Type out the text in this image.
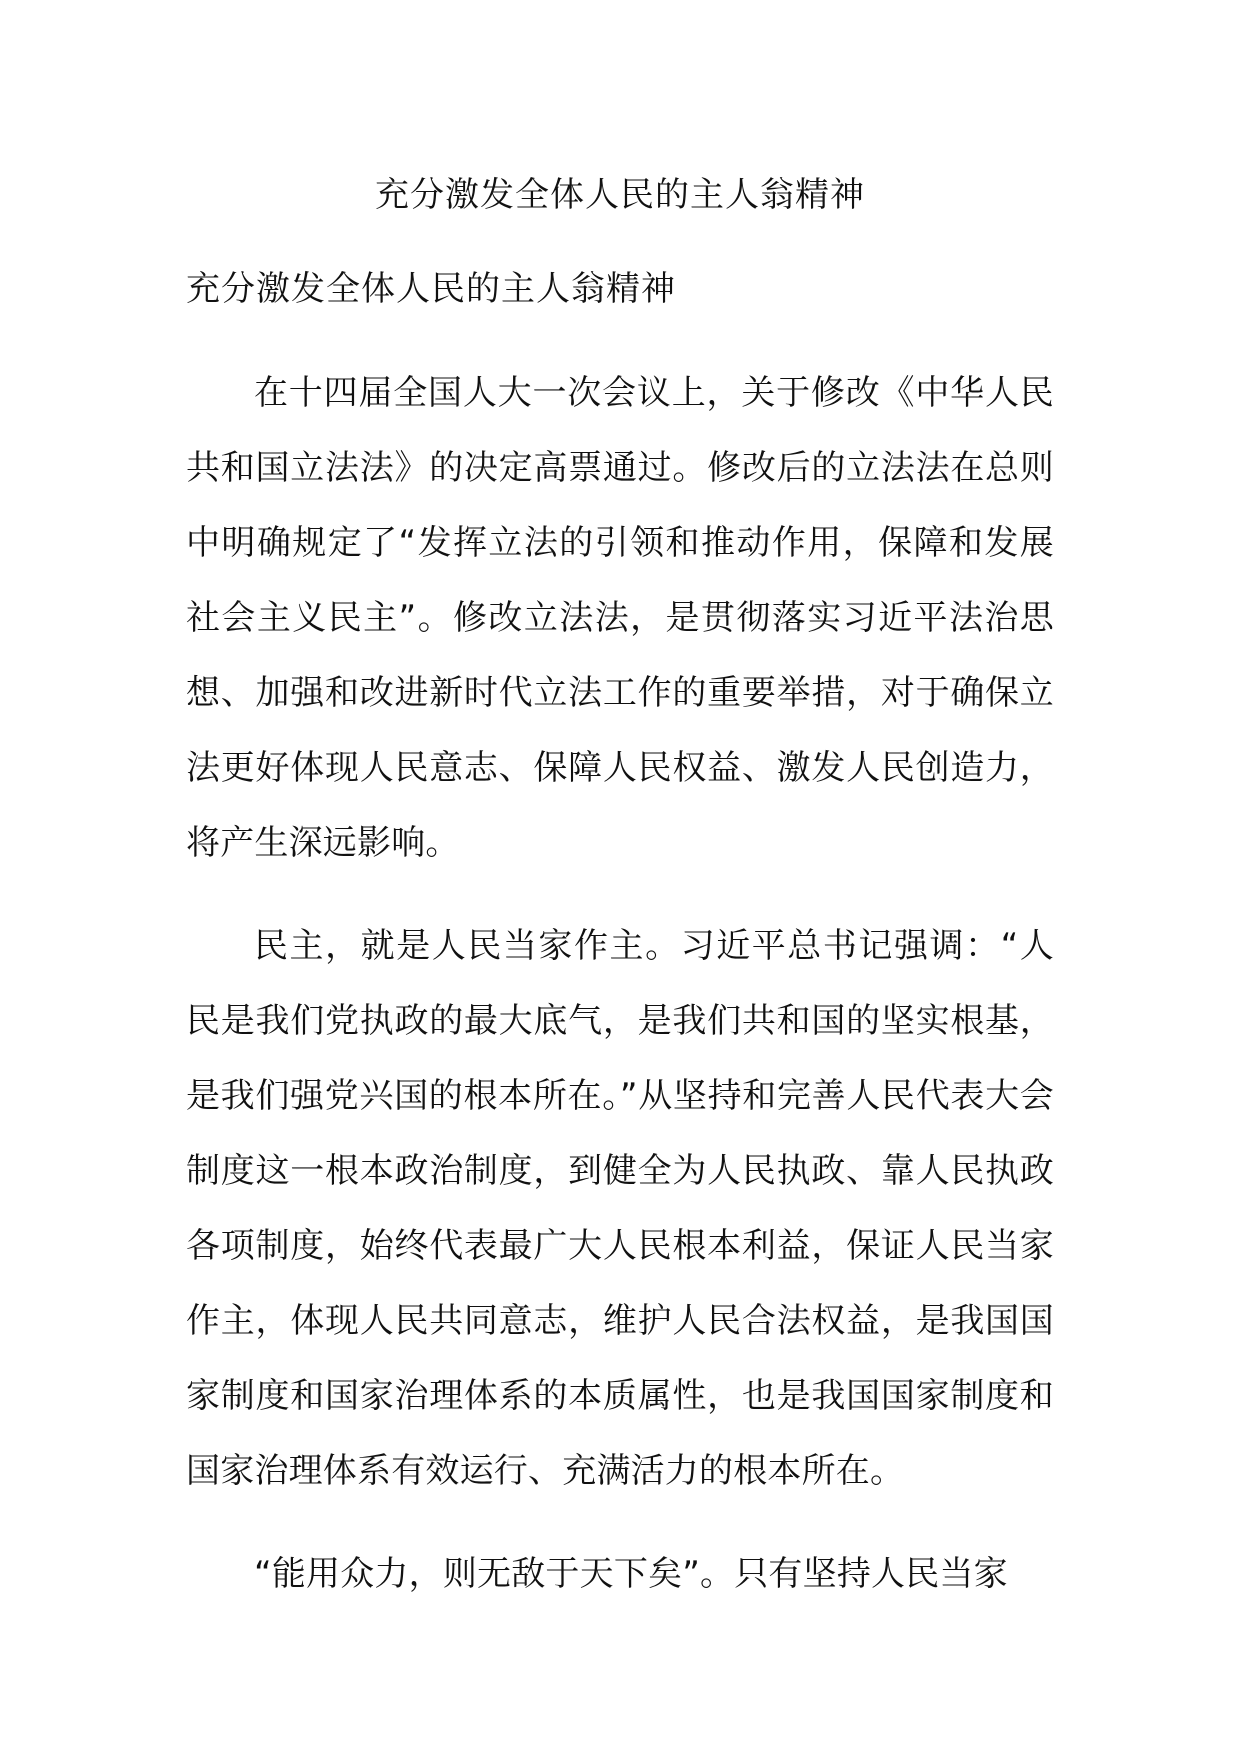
充分激发全体人民的主人翁精神
充分激发全体人民的主人翁精神

在十四届全国人大一次会议上，关于修改《中华人民共和国立法法》的决定高票通过。修改后的立法法在总则中明确规定了“发挥立法的引领和推动作用，保障和发展社会主义民主”。修改立法法，是贯彻落实习近平法治思想、加强和改进新时代立法工作的重要举措，对于确保立法更好体现人民意志、保障人民权益、激发人民创造力，将产生深远影响。

民主，就是人民当家作主。习近平总书记强调：“人民是我们党执政的最大底气，是我们共和国的坚实根基，是我们强党兴国的根本所在。”从坚持和完善人民代表大会制度这一根本政治制度，到健全为人民执政、靠人民执政各项制度，始终代表最广大人民根本利益，保证人民当家作主，体现人民共同意志，维护人民合法权益，是我国国家制度和国家治理体系的本质属性，也是我国国家制度和国家治理体系有效运行、充满活力的根本所在。

“能用众力，则无敌于天下矣”。只有坚持人民当家
